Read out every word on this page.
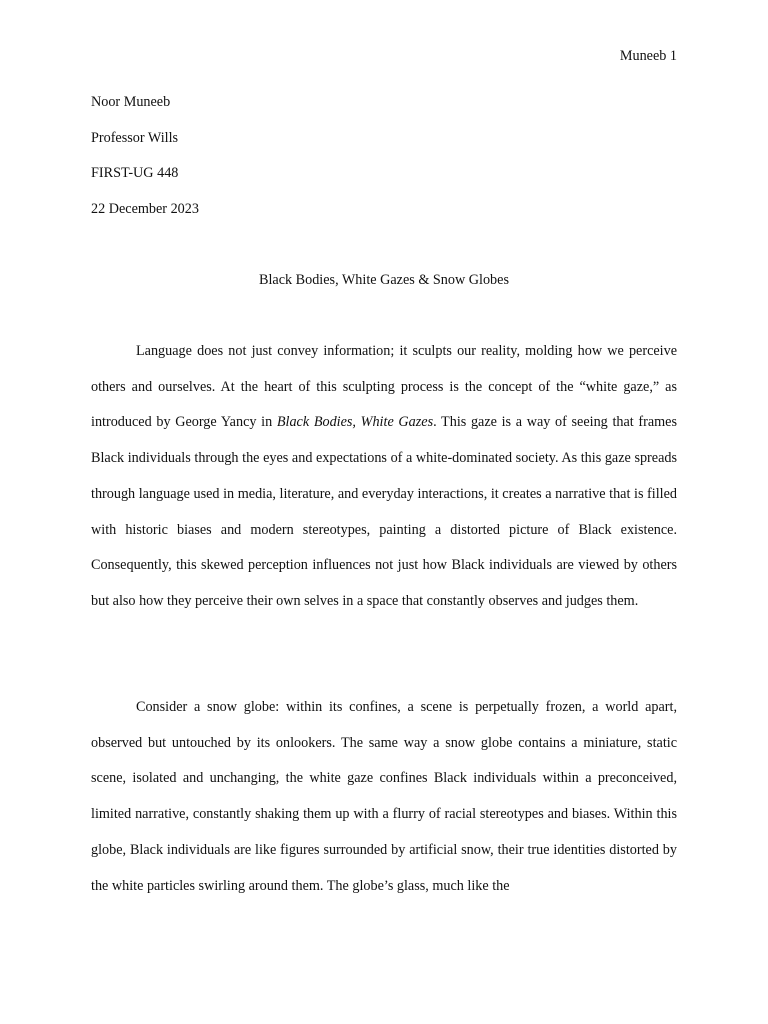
Muneeb 1
Noor Muneeb
Professor Wills
FIRST-UG 448
22 December 2023
Black Bodies, White Gazes & Snow Globes

Language does not just convey information; it sculpts our reality, molding how we perceive others and ourselves. At the heart of this sculpting process is the concept of the “white gaze,” as introduced by George Yancy in Black Bodies, White Gazes. This gaze is a way of seeing that frames Black individuals through the eyes and expectations of a white-dominated society. As this gaze spreads through language used in media, literature, and everyday interactions, it creates a narrative that is filled with historic biases and modern stereotypes, painting a distorted picture of Black existence. Consequently, this skewed perception influences not just how Black individuals are viewed by others but also how they perceive their own selves in a space that constantly observes and judges them.

Consider a snow globe: within its confines, a scene is perpetually frozen, a world apart, observed but untouched by its onlookers. The same way a snow globe contains a miniature, static scene, isolated and unchanging, the white gaze confines Black individuals within a preconceived, limited narrative, constantly shaking them up with a flurry of racial stereotypes and biases. Within this globe, Black individuals are like figures surrounded by artificial snow, their true identities distorted by the white particles swirling around them. The globe’s glass, much like the
